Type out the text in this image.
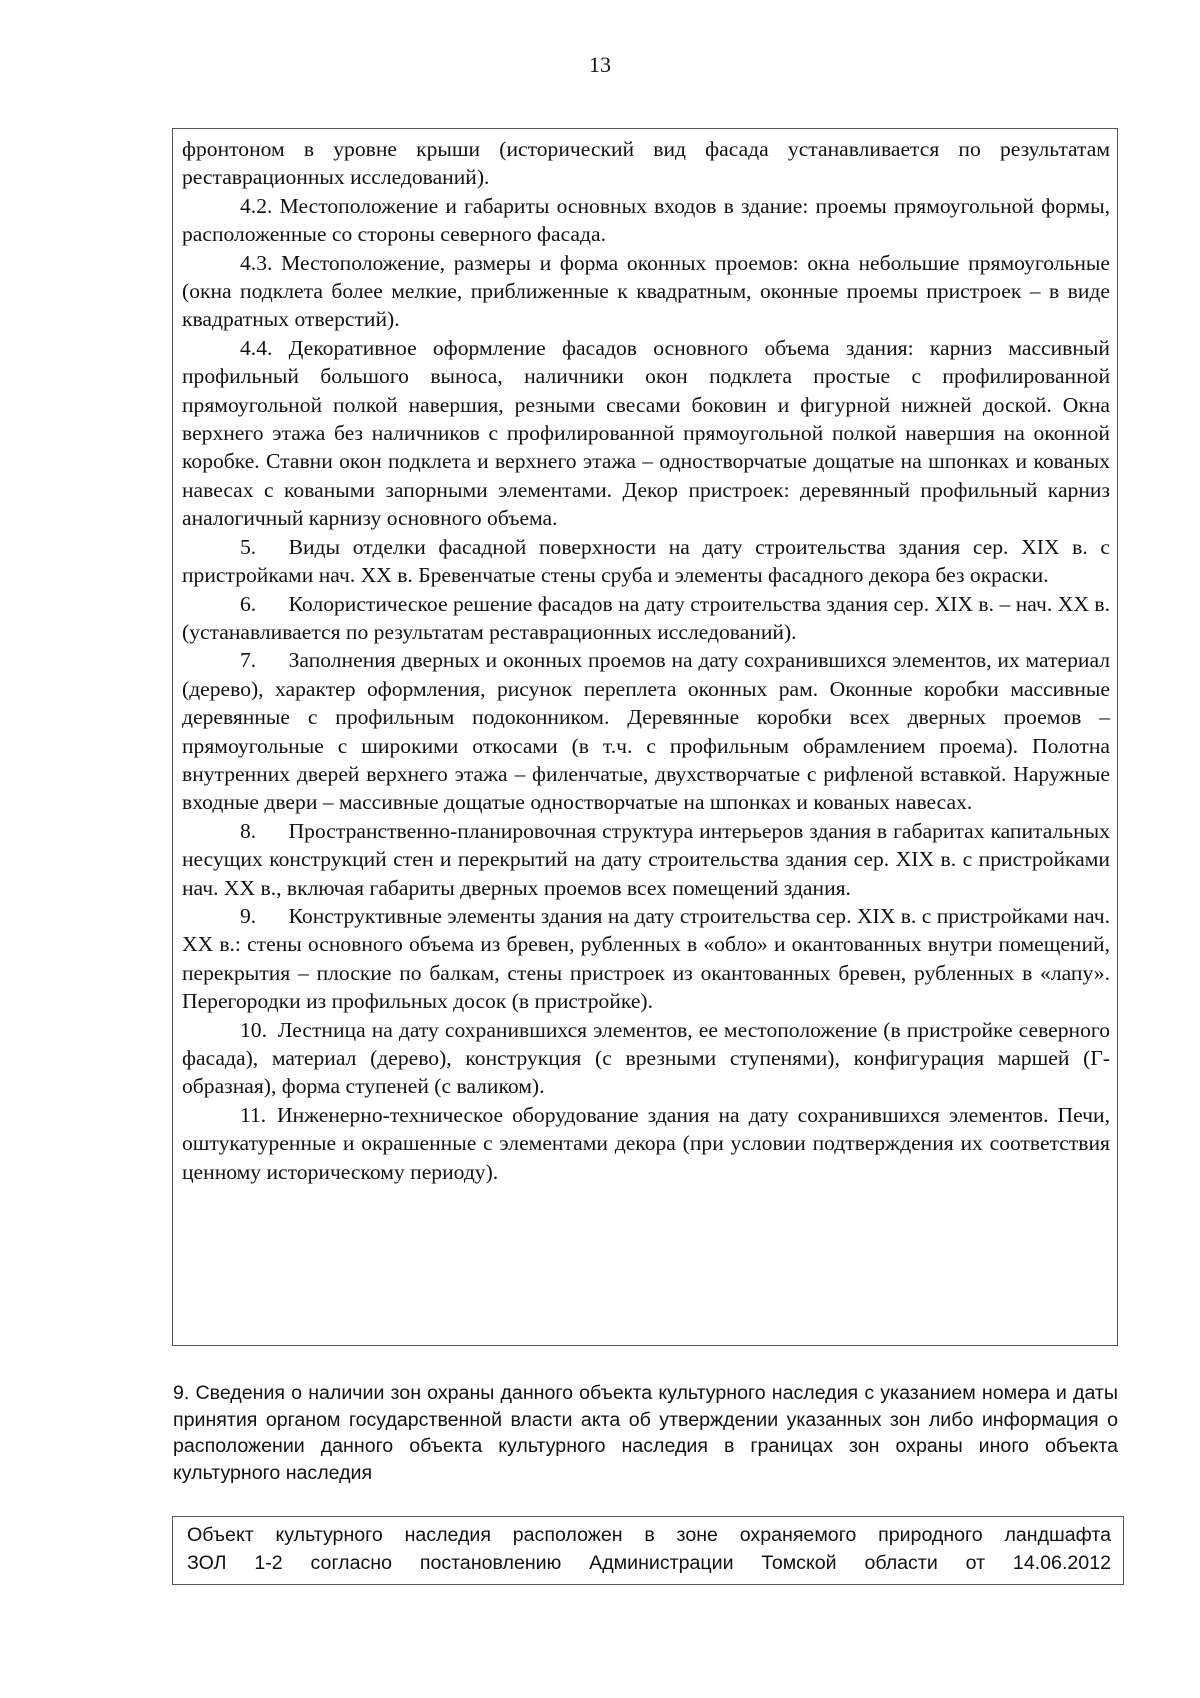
13

фронтоном в уровне крыши (исторический вид фасада устанавливается по результатам реставрационных исследований).

4.2. Местоположение и габариты основных входов в здание: проемы прямоугольной формы, расположенные со стороны северного фасада.

4.3. Местоположение, размеры и форма оконных проемов: окна небольшие прямоугольные (окна подклета более мелкие, приближенные к квадратным, оконные проемы пристроек – в виде квадратных отверстий).

4.4. Декоративное оформление фасадов основного объема здания: карниз массивный профильный большого выноса, наличники окон подклета простые с профилированной прямоугольной полкой навершия, резными свесами боковин и фигурной нижней доской. Окна верхнего этажа без наличников с профилированной прямоугольной полкой навершия на оконной коробке. Ставни окон подклета и верхнего этажа – одностворчатые дощатые на шпонках и кованых навесах с коваными запорными элементами. Декор пристроек: деревянный профильный карниз аналогичный карнизу основного объема.

5.  Виды отделки фасадной поверхности на дату строительства здания сер. XIX в. с пристройками нач. XX в. Бревенчатые стены сруба и элементы фасадного декора без окраски.

6.  Колористическое решение фасадов на дату строительства здания сер. XIX в. – нач. XX в. (устанавливается по результатам реставрационных исследований).

7.  Заполнения дверных и оконных проемов на дату сохранившихся элементов, их материал (дерево), характер оформления, рисунок переплета оконных рам. Оконные коробки массивные деревянные с профильным подоконником. Деревянные коробки всех дверных проемов – прямоугольные с широкими откосами (в т.ч. с профильным обрамлением проема). Полотна внутренних дверей верхнего этажа – филенчатые, двухстворчатые с рифленой вставкой. Наружные входные двери – массивные дощатые одностворчатые на шпонках и кованых навесах.

8.  Пространственно-планировочная структура интерьеров здания в габаритах капитальных несущих конструкций стен и перекрытий на дату строительства здания сер. XIX в. с пристройками нач. XX в., включая габариты дверных проемов всех помещений здания.

9.  Конструктивные элементы здания на дату строительства сер. XIX в. с пристройками нач. XX в.: стены основного объема из бревен, рубленных в «обло» и окантованных внутри помещений, перекрытия – плоские по балкам, стены пристроек из окантованных бревен, рубленных в «лапу». Перегородки из профильных досок (в пристройке).

10. Лестница на дату сохранившихся элементов, ее местоположение (в пристройке северного фасада), материал (дерево), конструкция (с врезными ступенями), конфигурация маршей (Г-образная), форма ступеней (с валиком).

11. Инженерно-техническое оборудование здания на дату сохранившихся элементов. Печи, оштукатуренные и окрашенные с элементами декора (при условии подтверждения их соответствия ценному историческому периоду).

9. Сведения о наличии зон охраны данного объекта культурного наследия с указанием номера и даты принятия органом государственной власти акта об утверждении указанных зон либо информация о расположении данного объекта культурного наследия в границах зон охраны иного объекта культурного наследия

Объект культурного наследия расположен в зоне охраняемого природного ландшафта

ЗОЛ 1-2 согласно постановлению Администрации Томской области от 14.06.2012
